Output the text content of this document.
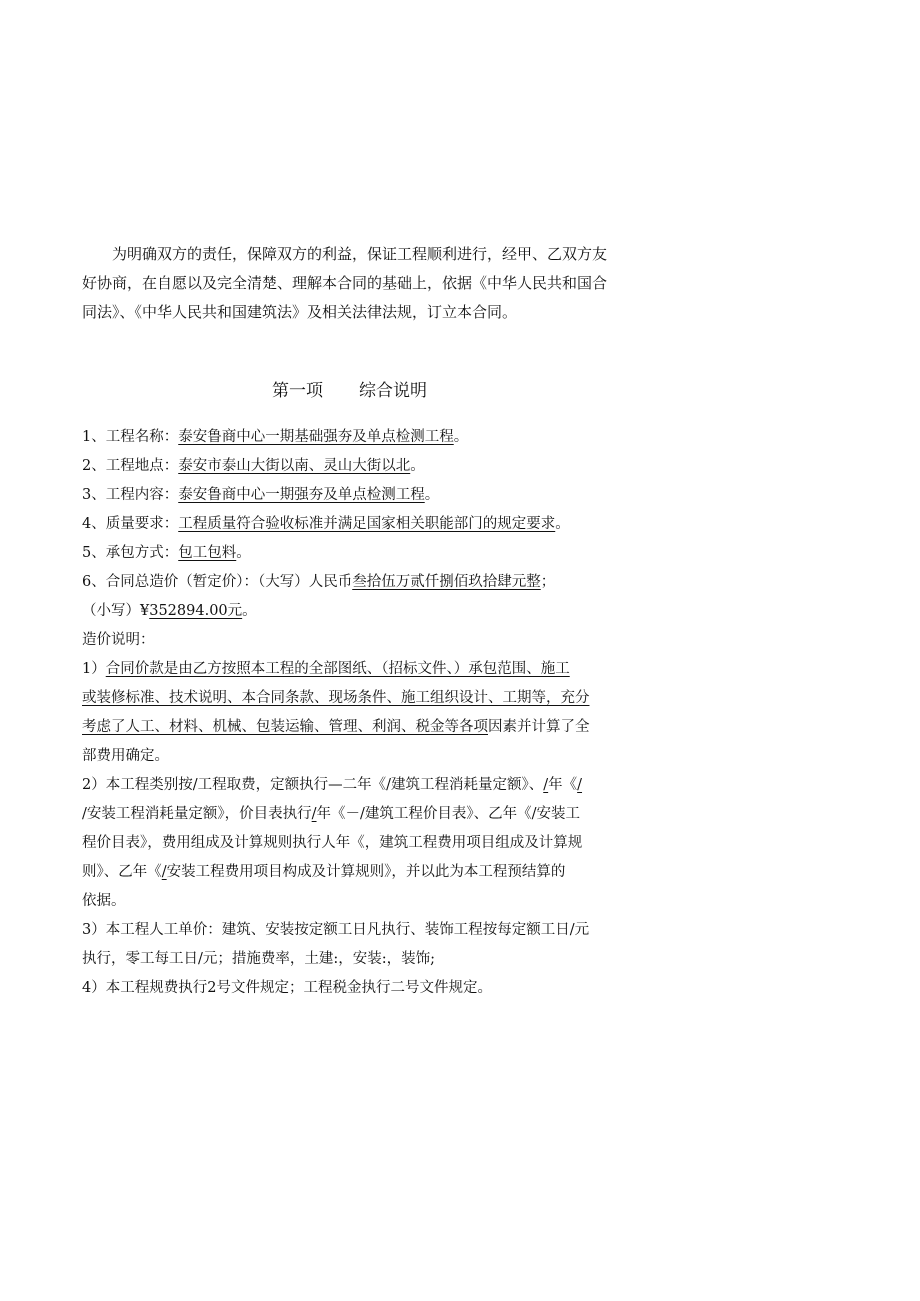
为明确双方的责任，保障双方的利益，保证工程顺利进行，经甲、乙双方友
好协商，在自愿以及完全清楚、理解本合同的基础上，依据《中华人民共和国合
同法》、《中华人民共和国建筑法》及相关法律法规，订立本合同。
第一项 综合说明
1、工程名称：泰安鲁商中心一期基础强夯及单点检测工程。
2、工程地点：泰安市泰山大街以南、灵山大街以北。
3、工程内容：泰安鲁商中心一期强夯及单点检测工程。
4、质量要求：工程质量符合验收标准并满足国家相关职能部门的规定要求。
5、承包方式：包工包料。
6、合同总造价（暂定价）：（大写）人民币叁拾伍万贰仟捌佰玖拾肆元整；
（小写）¥352894.00元。
造价说明：
1）合同价款是由乙方按照本工程的全部图纸、（招标文件、）承包范围、施工
或装修标准、技术说明、本合同条款、现场条件、施工组织设计、工期等，充分
考虑了人工、材料、机械、包装运输、管理、利润、税金等各项因素并计算了全
部费用确定。
2）本工程类别按/工程取费，定额执行—二年《/建筑工程消耗量定额》、/年《/
/安装工程消耗量定额》，价目表执行/年《－/建筑工程价目表》、乙年《/安装工
程价目表》，费用组成及计算规则执行人年《，建筑工程费用项目组成及计算规
则》、乙年《/安装工程费用项目构成及计算规则》，并以此为本工程预结算的
依据。
3）本工程人工单价：建筑、安装按定额工日凡执行、装饰工程按每定额工日/元
执行，零工每工日/元；措施费率，土建:，安装:，装饰;
4）本工程规费执行2号文件规定；工程税金执行二号文件规定。
